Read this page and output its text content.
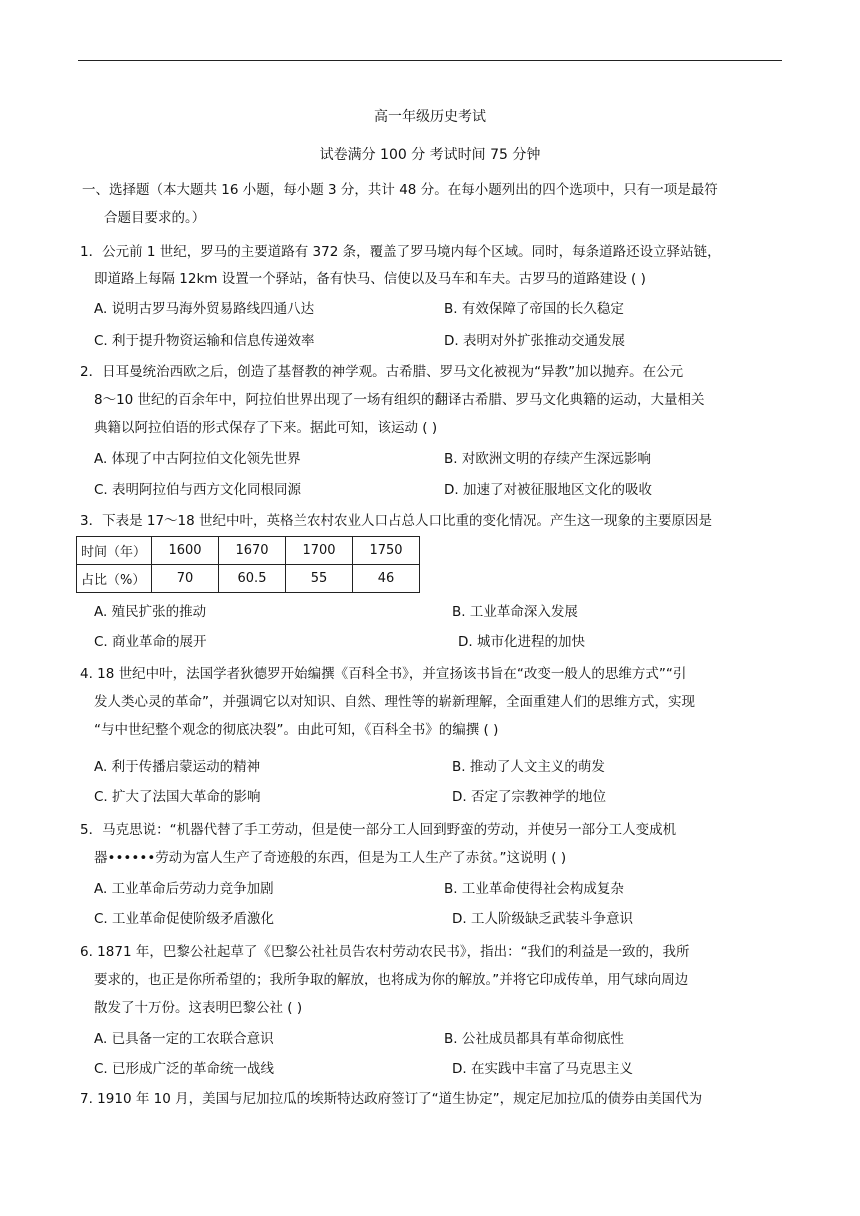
高一年级历史考试
试卷满分 100 分 考试时间 75 分钟
一、选择题（本大题共 16 小题，每小题 3 分，共计 48 分。在每小题列出的四个选项中，只有一项是最符
合题目要求的。）
1．公元前 1 世纪，罗马的主要道路有 372 条，覆盖了罗马境内每个区域。同时，每条道路还设立驿站链，
即道路上每隔 12km 设置一个驿站，备有快马、信使以及马车和车夫。古罗马的道路建设 ( )
A. 说明古罗马海外贸易路线四通八达	B. 有效保障了帝国的长久稳定
C. 利于提升物资运输和信息传递效率	D. 表明对外扩张推动交通发展
2．日耳曼统治西欧之后，创造了基督教的神学观。古希腊、罗马文化被视为“异教”加以抛弃。在公元
8～10 世纪的百余年中，阿拉伯世界出现了一场有组织的翻译古希腊、罗马文化典籍的运动，大量相关
典籍以阿拉伯语的形式保存了下来。据此可知，该运动 ( )
A. 体现了中古阿拉伯文化领先世界	B. 对欧洲文明的存续产生深远影响
C. 表明阿拉伯与西方文化同根同源	D. 加速了对被征服地区文化的吸收
3．下表是 17～18 世纪中叶，英格兰农村农业人口占总人口比重的变化情况。产生这一现象的主要原因是
时间（年）	1600	1670	1700	1750
占比（%）	70	60.5	55	46
A. 殖民扩张的推动	B. 工业革命深入发展
C. 商业革命的展开	D. 城市化进程的加快
4. 18 世纪中叶，法国学者狄德罗开始编撰《百科全书》，并宣扬该书旨在“改变一般人的思维方式”“引
发人类心灵的革命”，并强调它以对知识、自然、理性等的崭新理解，全面重建人们的思维方式，实现
“与中世纪整个观念的彻底决裂”。由此可知，《百科全书》的编撰 ( )
A. 利于传播启蒙运动的精神	B. 推动了人文主义的萌发
C. 扩大了法国大革命的影响	D. 否定了宗教神学的地位
5．马克思说：“机器代替了手工劳动，但是使一部分工人回到野蛮的劳动，并使另一部分工人变成机
器••••••劳动为富人生产了奇迹般的东西，但是为工人生产了赤贫。”这说明 ( )
A. 工业革命后劳动力竞争加剧	B. 工业革命使得社会构成复杂
C. 工业革命促使阶级矛盾激化	D. 工人阶级缺乏武装斗争意识
6. 1871 年，巴黎公社起草了《巴黎公社社员告农村劳动农民书》，指出：“我们的利益是一致的，我所
要求的，也正是你所希望的；我所争取的解放，也将成为你的解放。”并将它印成传单，用气球向周边
散发了十万份。这表明巴黎公社 ( )
A. 已具备一定的工农联合意识	B. 公社成员都具有革命彻底性
C. 已形成广泛的革命统一战线	D. 在实践中丰富了马克思主义
7. 1910 年 10 月，美国与尼加拉瓜的埃斯特达政府签订了“道生协定”，规定尼加拉瓜的债券由美国代为
